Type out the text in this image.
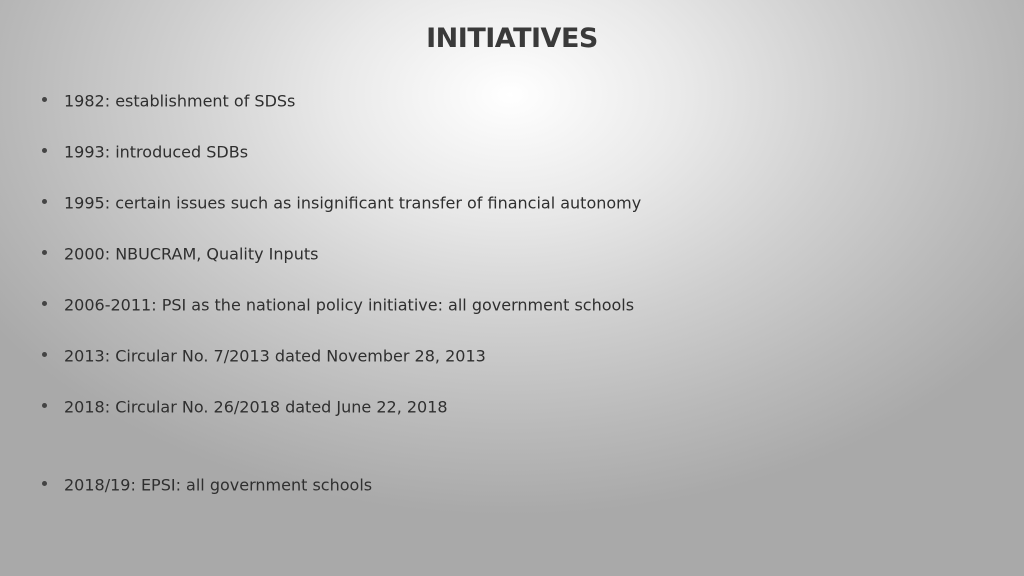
INITIATIVES
1982: establishment of SDSs
1993: introduced SDBs
1995: certain issues such as insignificant transfer of financial autonomy
2000: NBUCRAM, Quality Inputs
2006-2011: PSI as the national policy initiative: all government schools
2013: Circular No. 7/2013 dated November 28, 2013
2018: Circular No. 26/2018 dated June 22, 2018
2018/19: EPSI: all government schools
